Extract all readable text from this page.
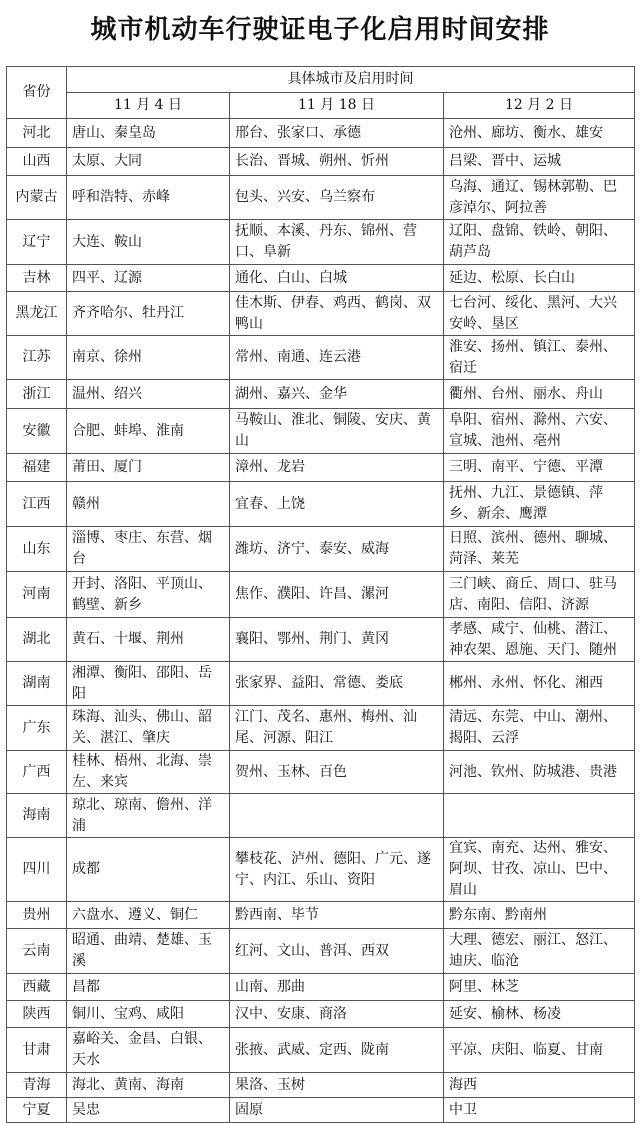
城市机动车行驶证电子化启用时间安排
省份	具体城市及启用时间		
	11 月 4 日	11 月 18 日	12 月 2 日
河北	唐山、秦皇岛	邢台、张家口、承德	沧州、廊坊、衡水、雄安
山西	太原、大同	长治、晋城、朔州、忻州	吕梁、晋中、运城
内蒙古	呼和浩特、赤峰	包头、兴安、乌兰察布	乌海、通辽、锡林郭勒、巴彦淖尔、阿拉善
辽宁	大连、鞍山	抚顺、本溪、丹东、锦州、营口、阜新	辽阳、盘锦、铁岭、朝阳、葫芦岛
吉林	四平、辽源	通化、白山、白城	延边、松原、长白山
黑龙江	齐齐哈尔、牡丹江	佳木斯、伊春、鸡西、鹤岗、双鸭山	七台河、绥化、黑河、大兴安岭、垦区
江苏	南京、徐州	常州、南通、连云港	淮安、扬州、镇江、泰州、宿迁
浙江	温州、绍兴	湖州、嘉兴、金华	衢州、台州、丽水、舟山
安徽	合肥、蚌埠、淮南	马鞍山、淮北、铜陵、安庆、黄山	阜阳、宿州、滁州、六安、宣城、池州、亳州
福建	莆田、厦门	漳州、龙岩	三明、南平、宁德、平潭
江西	赣州	宜春、上饶	抚州、九江、景德镇、萍乡、新余、鹰潭
山东	淄博、枣庄、东营、烟台	潍坊、济宁、泰安、威海	日照、滨州、德州、聊城、菏泽、莱芜
河南	开封、洛阳、平顶山、鹤壁、新乡	焦作、濮阳、许昌、漯河	三门峡、商丘、周口、驻马店、南阳、信阳、济源
湖北	黄石、十堰、荆州	襄阳、鄂州、荆门、黄冈	孝感、咸宁、仙桃、潜江、神农架、恩施、天门、随州
湖南	湘潭、衡阳、邵阳、岳阳	张家界、益阳、常德、娄底	郴州、永州、怀化、湘西
广东	珠海、汕头、佛山、韶关、湛江、肇庆	江门、茂名、惠州、梅州、汕尾、河源、阳江	清远、东莞、中山、潮州、揭阳、云浮
广西	桂林、梧州、北海、崇左、来宾	贺州、玉林、百色	河池、钦州、防城港、贵港
海南	琼北、琼南、儋州、洋浦		
四川	成都	攀枝花、泸州、德阳、广元、遂宁、内江、乐山、资阳	宜宾、南充、达州、雅安、阿坝、甘孜、凉山、巴中、眉山
贵州	六盘水、遵义、铜仁	黔西南、毕节	黔东南、黔南州
云南	昭通、曲靖、楚雄、玉溪	红河、文山、普洱、西双	大理、德宏、丽江、怒江、迪庆、临沧
西藏	昌都	山南、那曲	阿里、林芝
陕西	铜川、宝鸡、咸阳	汉中、安康、商洛	延安、榆林、杨凌
甘肃	嘉峪关、金昌、白银、天水	张掖、武威、定西、陇南	平凉、庆阳、临夏、甘南
青海	海北、黄南、海南	果洛、玉树	海西
宁夏	吴忠	固原	中卫
